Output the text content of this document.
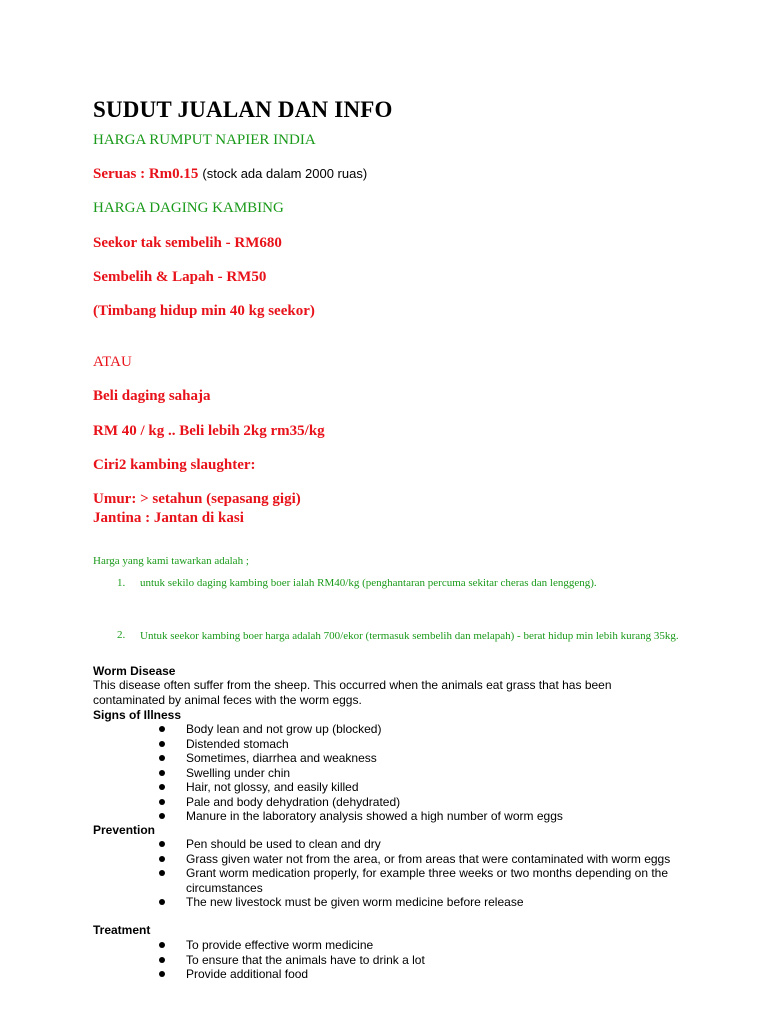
SUDUT JUALAN DAN INFO
HARGA RUMPUT NAPIER INDIA
Seruas : Rm0.15 (stock ada dalam 2000 ruas)
HARGA DAGING KAMBING
Seekor tak sembelih - RM680
Sembelih & Lapah - RM50
(Timbang hidup min 40 kg seekor)
ATAU
Beli daging sahaja
RM 40 / kg .. Beli lebih 2kg rm35/kg
Ciri2 kambing slaughter:
Umur: > setahun (sepasang gigi)
Jantina : Jantan di kasi
Harga yang kami tawarkan adalah ;
1. untuk sekilo daging kambing boer ialah RM40/kg (penghantaran percuma sekitar cheras dan lenggeng).
2. Untuk seekor kambing boer harga adalah 700/ekor (termasuk sembelih dan melapah) - berat hidup min lebih kurang 35kg.
Worm Disease
This disease often suffer from the sheep. This occurred when the animals eat grass that has been contaminated by animal feces with the worm eggs.
Signs of Illness
Body lean and not grow up (blocked)
Distended stomach
Sometimes, diarrhea and weakness
Swelling under chin
Hair, not glossy, and easily killed
Pale and body dehydration (dehydrated)
Manure in the laboratory analysis showed a high number of worm eggs
Prevention
Pen should be used to clean and dry
Grass given water not from the area, or from areas that were contaminated with worm eggs
Grant worm medication properly, for example three weeks or two months depending on the circumstances
The new livestock must be given worm medicine before release
Treatment
To provide effective worm medicine
To ensure that the animals have to drink a lot
Provide additional food
